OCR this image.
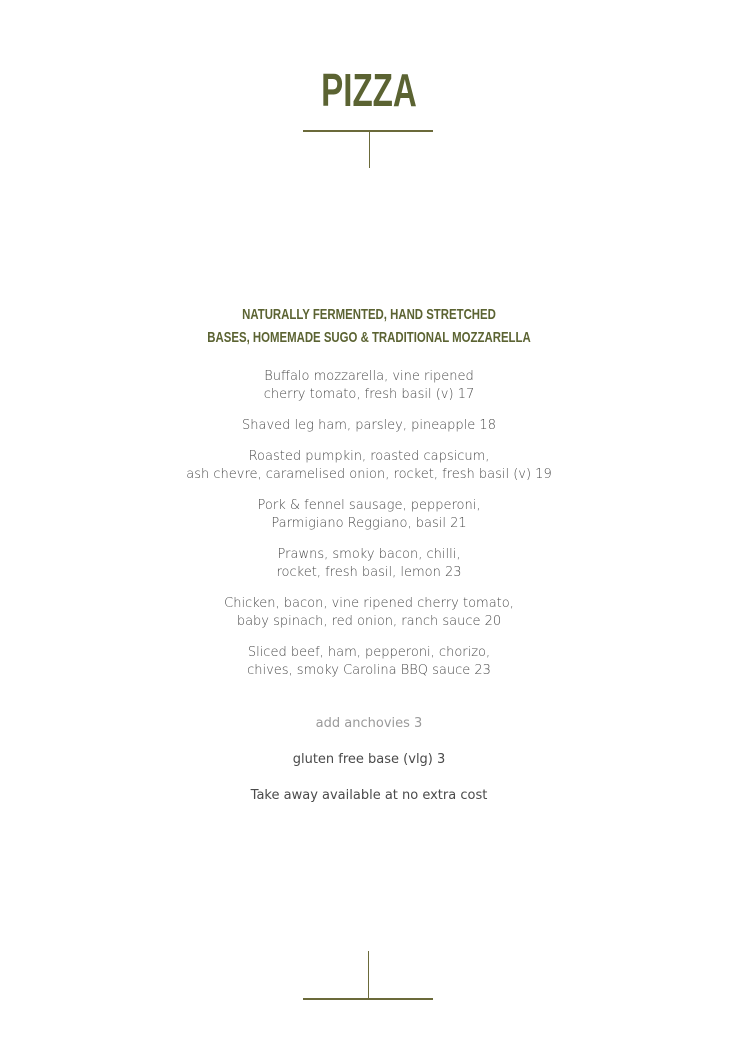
PIZZA
NATURALLY FERMENTED, HAND STRETCHED
BASES, HOMEMADE SUGO & TRADITIONAL MOZZARELLA
Buffalo mozzarella, vine ripened
cherry tomato, fresh basil (v) 17
Shaved leg ham, parsley, pineapple 18
Roasted pumpkin, roasted capsicum,
ash chevre, caramelised onion, rocket, fresh basil (v) 19
Pork & fennel sausage, pepperoni,
Parmigiano Reggiano, basil 21
Prawns, smoky bacon, chilli,
rocket, fresh basil, lemon 23
Chicken, bacon, vine ripened cherry tomato,
baby spinach, red onion, ranch sauce 20
Sliced beef, ham, pepperoni, chorizo,
chives, smoky Carolina BBQ sauce 23
add anchovies 3
gluten free base (vlg) 3
Take away available at no extra cost
